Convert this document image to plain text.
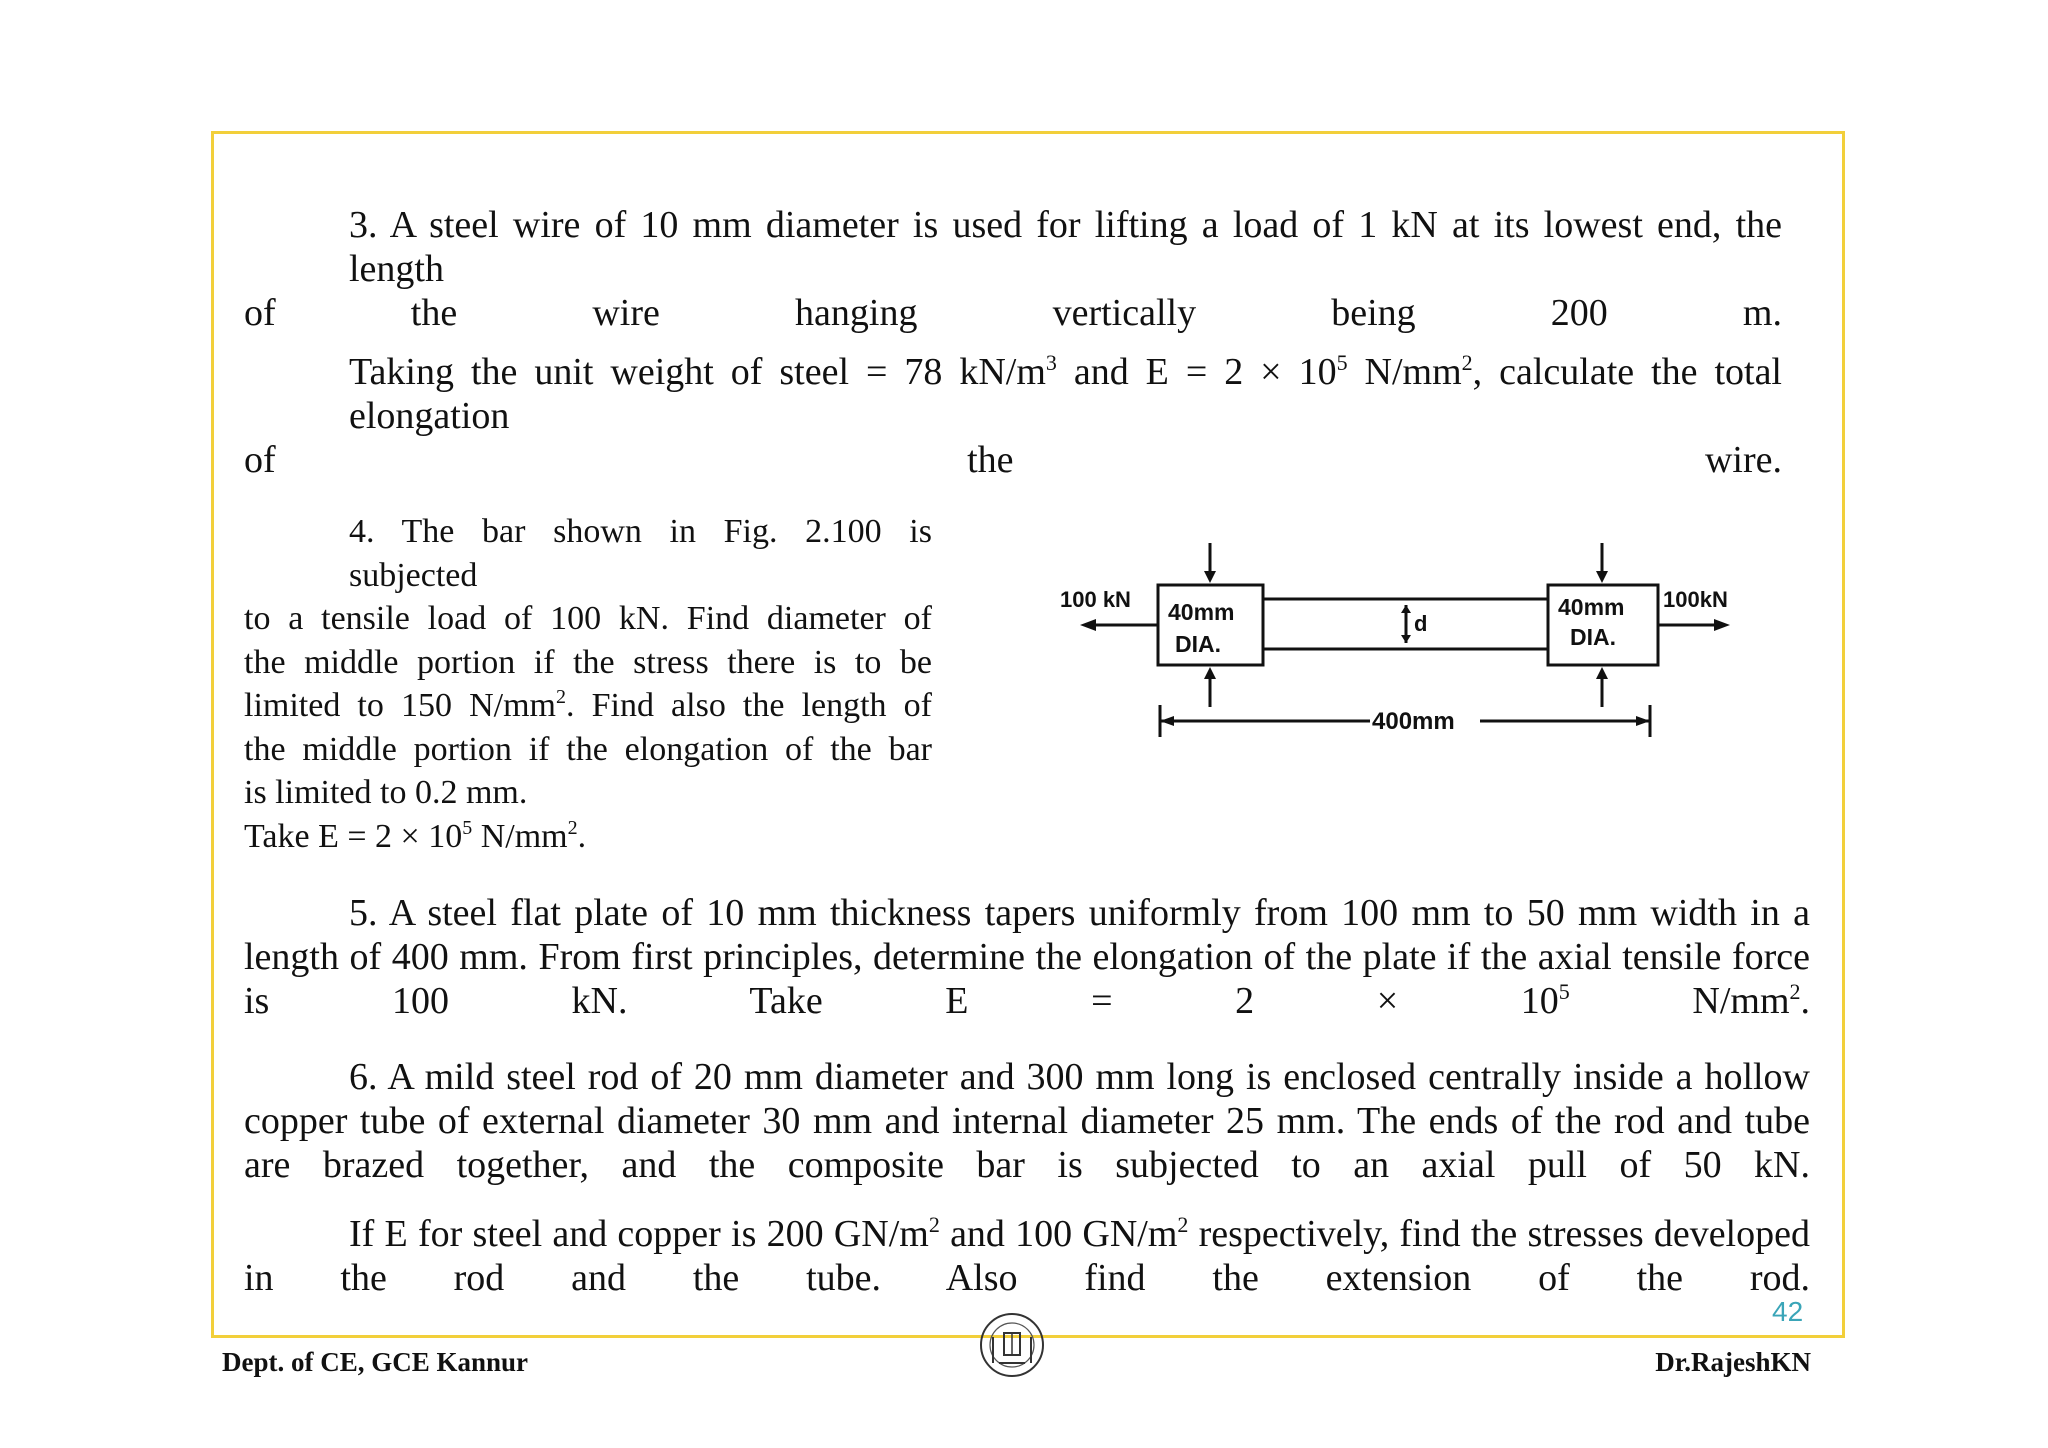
3. A steel wire of 10 mm diameter is used for lifting a load of 1 kN at its lowest end, the length
of the wire hanging vertically being 200 m.
Taking the unit weight of steel = 78 $kN/m^3$ and $E = 2 \times 10^5$ $N/mm^2$, calculate the total elongation
of the wire.
4. The bar shown in Fig. 2.100 is subjected
to a tensile load of 100 kN. Find diameter of
the middle portion if the stress there is to be
limited to 150 $N/mm^2$. Find also the length of
the middle portion if the elongation of the bar
is limited to 0.2 mm.
Take $E = 2 \times 10^5$ $N/mm^2$.
100 kN	100kN
40mm
DIA.
40mm
DIA.
d
400mm
5. A steel flat plate of 10 mm thickness tapers uniformly from 100 mm to 50 mm width in a
length of 400 mm. From first principles, determine the elongation of the plate if the axial tensile force
is 100 kN. Take $E = 2 \times 10^5$ $N/mm^2$.
6. A mild steel rod of 20 mm diameter and 300 mm long is enclosed centrally inside a hollow
copper tube of external diameter 30 mm and internal diameter 25 mm. The ends of the rod and tube
are brazed together, and the composite bar is subjected to an axial pull of 50 kN.
If E for steel and copper is 200 $GN/m^2$ and 100 $GN/m^2$ respectively, find the stresses developed
in the rod and the tube. Also find the extension of the rod.
42
Dept. of CE, GCE Kannur	Dr.RajeshKN
